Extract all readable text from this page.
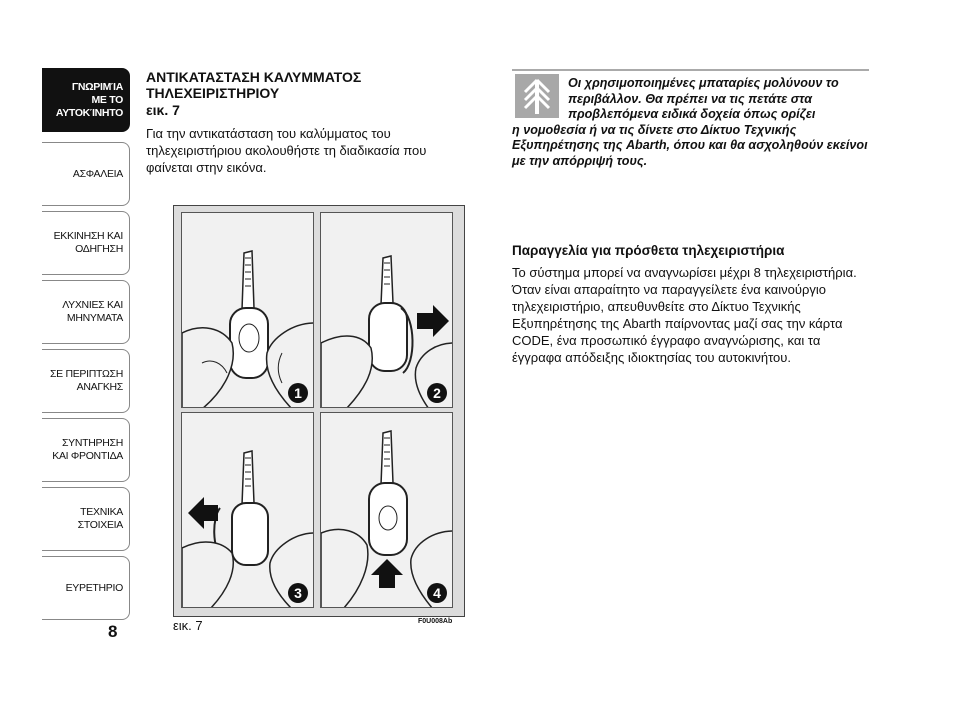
ΓΝΩΡΙΜΊΑ
ΜΕ ΤΟ
ΑΥΤΟΚΊΝΗΤΟ
ΑΣΦΑΛΕΙΑ
ΕΚΚΙΝΗΣΗ ΚΑΙ
ΟΔΗΓΗΣΗ
ΛΥΧΝΙΕΣ ΚΑΙ
ΜΗΝΥΜΑΤΑ
ΣΕ ΠΕΡΙΠΤΩΣΗ
ΑΝΑΓΚΗΣ
ΣΥΝΤΗΡΗΣΗ
ΚΑΙ ΦΡΟΝΤΙΔΑ
ΤΕΧΝΙΚΑ
ΣΤΟΙΧΕΙΑ
ΕΥΡΕΤΗΡΙΟ
8
ΑΝΤΙΚΑΤΑΣΤΑΣΗ ΚΑΛΥΜΜΑΤΟΣ ΤΗΛΕΧΕΙΡΙΣΤΗΡΙΟΥ
εικ. 7
Για την αντικατάσταση του καλύμματος του τηλεχειριστήριου ακολουθήστε τη διαδικασία που φαίνεται στην εικόνα.
1	2
3	4
εικ. 7	F0U008Ab
Οι χρησιμοποιημένες μπαταρίες μολύνουν το περιβάλλον. Θα πρέπει να τις πετάτε στα προβλεπόμενα ειδικά δοχεία όπως ορίζει
η νομοθεσία ή να τις δίνετε στο Δίκτυο Τεχνικής Εξυπηρέτησης της Abarth, όπου και θα ασχοληθούν εκείνοι με την απόρριψή τους.
Παραγγελία για πρόσθετα τηλεχειριστήρια
Το σύστημα μπορεί να αναγνωρίσει μέχρι 8 τηλεχειριστήρια. Όταν είναι απαραίτητο να παραγγείλετε ένα καινούργιο τηλεχειριστήριο, απευθυνθείτε στο Δίκτυο Τεχνικής Εξυπηρέτησης της Abarth παίρνοντας μαζί σας την κάρτα CODE, ένα προσωπικό έγγραφο αναγνώρισης, και τα έγγραφα απόδειξης ιδιοκτησίας του αυτοκινήτου.
